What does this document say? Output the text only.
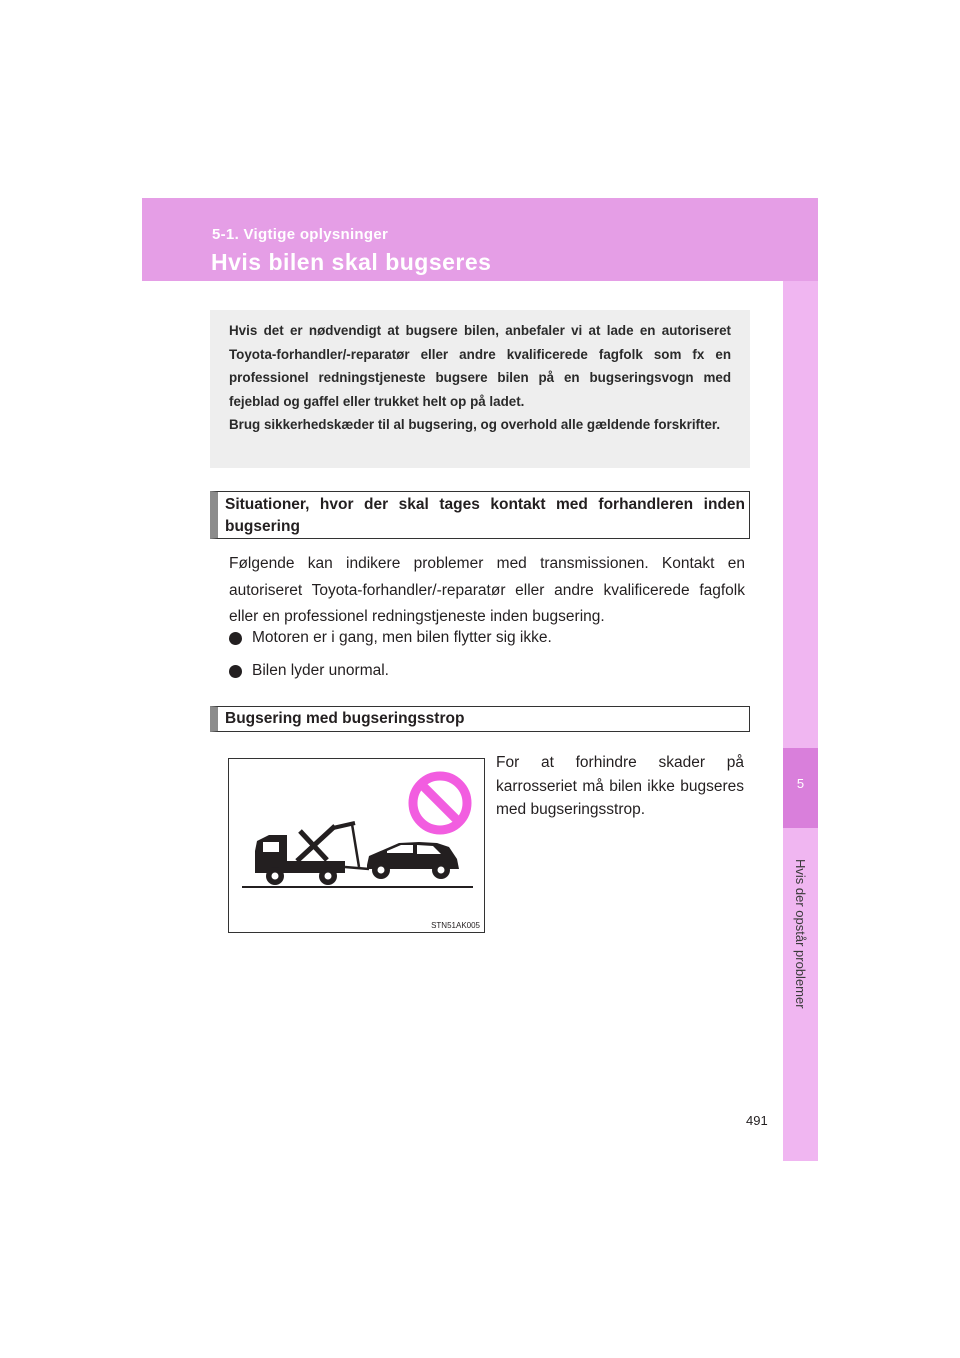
5-1. Vigtige oplysninger
Hvis bilen skal bugseres
5
Hvis der opstår problemer

Hvis det er nødvendigt at bugsere bilen, anbefaler vi at lade en autoriseret Toyota-forhandler/-reparatør eller andre kvalificerede fagfolk som fx en professionel redningstjeneste bugsere bilen på en bugseringsvogn med fejeblad og gaffel eller trukket helt op på ladet.

Brug sikkerhedskæder til al bugsering, og overhold alle gældende forskrifter.

Situationer, hvor der skal tages kontakt med forhandleren inden bugsering
Følgende kan indikere problemer med transmissionen. Kontakt en autoriseret Toyota-forhandler/-reparatør eller andre kvalificerede fagfolk eller en professionel redningstjeneste inden bugsering.
Motoren er i gang, men bilen flytter sig ikke.
Bilen lyder unormal.
Bugsering med bugseringsstrop
STN51AK005
For at forhindre skader på karrosseriet må bilen ikke bugseres med bugseringsstrop.
491
